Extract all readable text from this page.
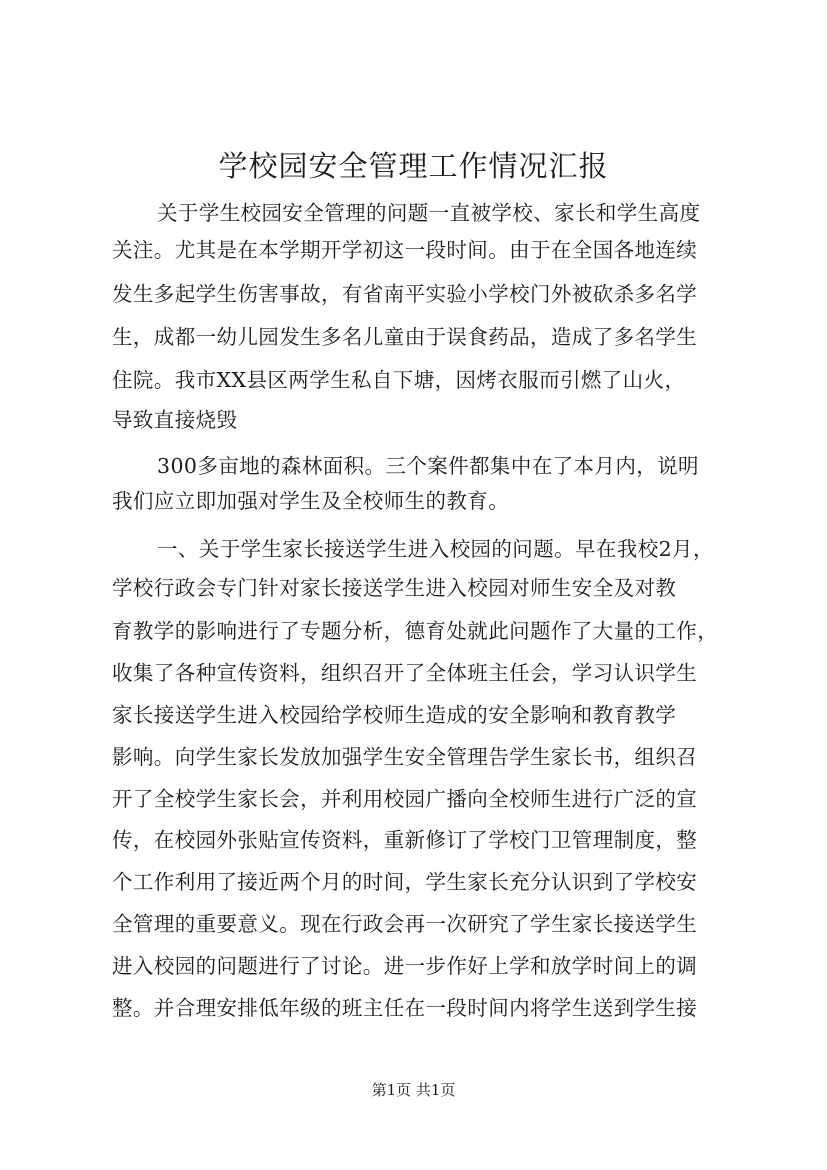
学校园安全管理工作情况汇报
关于学生校园安全管理的问题一直被学校、家长和学生高度
关注。尤其是在本学期开学初这一段时间。由于在全国各地连续
发生多起学生伤害事故，有省南平实验小学校门外被砍杀多名学
生，成都一幼儿园发生多名儿童由于误食药品，造成了多名学生
住院。我市XX县区两学生私自下塘，因烤衣服而引燃了山火，
导致直接烧毁
300多亩地的森林面积。三个案件都集中在了本月内，说明
我们应立即加强对学生及全校师生的教育。
一、关于学生家长接送学生进入校园的问题。早在我校2月，
学校行政会专门针对家长接送学生进入校园对师生安全及对教
育教学的影响进行了专题分析，德育处就此问题作了大量的工作，
收集了各种宣传资料，组织召开了全体班主任会，学习认识学生
家长接送学生进入校园给学校师生造成的安全影响和教育教学
影响。向学生家长发放加强学生安全管理告学生家长书，组织召
开了全校学生家长会，并利用校园广播向全校师生进行广泛的宣
传，在校园外张贴宣传资料，重新修订了学校门卫管理制度，整
个工作利用了接近两个月的时间，学生家长充分认识到了学校安
全管理的重要意义。现在行政会再一次研究了学生家长接送学生
进入校园的问题进行了讨论。进一步作好上学和放学时间上的调
整。并合理安排低年级的班主任在一段时间内将学生送到学生接
第1页 共1页
